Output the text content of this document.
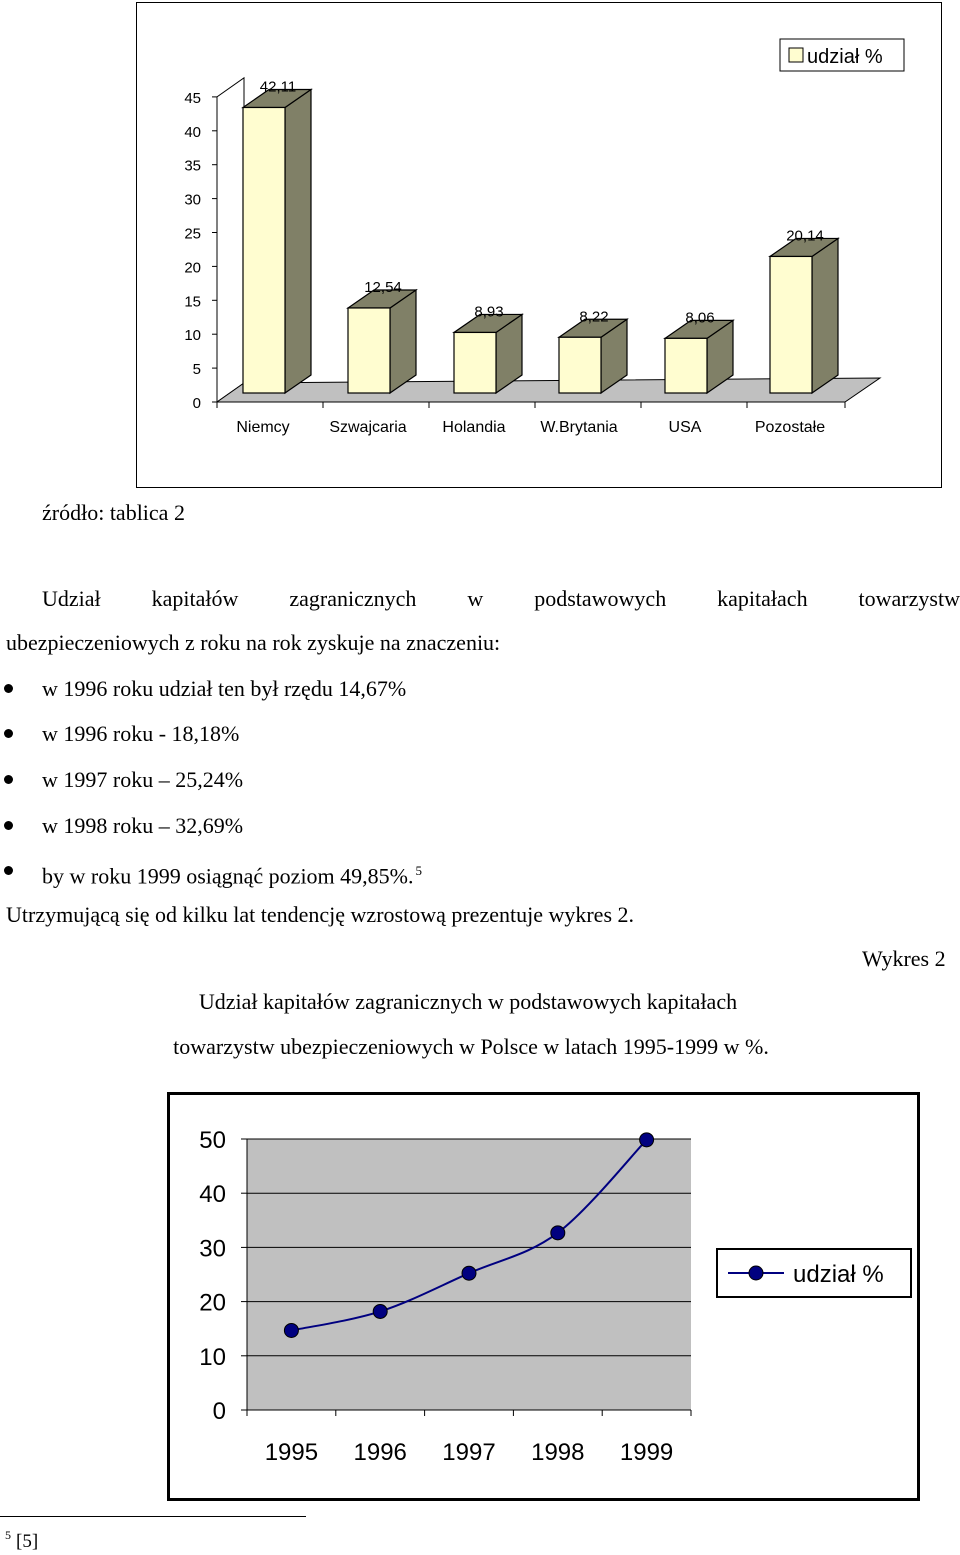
0
5
10
15
20
25
30
35
40
45
42,11
Niemcy
12,54
Szwajcaria
8,93
Holandia
8,22
W.Brytania
8,06
USA
20,14
Pozostałe
udział %
źródło: tablica 2
Udział kapitałów zagranicznych w podstawowych kapitałach towarzystw
ubezpieczeniowych z roku na rok zyskuje na znaczeniu:
w 1996 roku udział ten był rzędu 14,67%
w 1996 roku - 18,18%
w 1997 roku – 25,24%
w 1998 roku – 32,69%
by w roku 1999 osiągnąć poziom 49,85%. $^5$
Utrzymującą się od kilku lat tendencję wzrostową prezentuje wykres 2.
Wykres 2
Udział kapitałów zagranicznych w podstawowych kapitałach
towarzystw ubezpieczeniowych w Polsce w latach 1995-1999 w %.
0
10
20
30
40
50
1995 1996 1997 1998 1999
udział %
5 [5]
